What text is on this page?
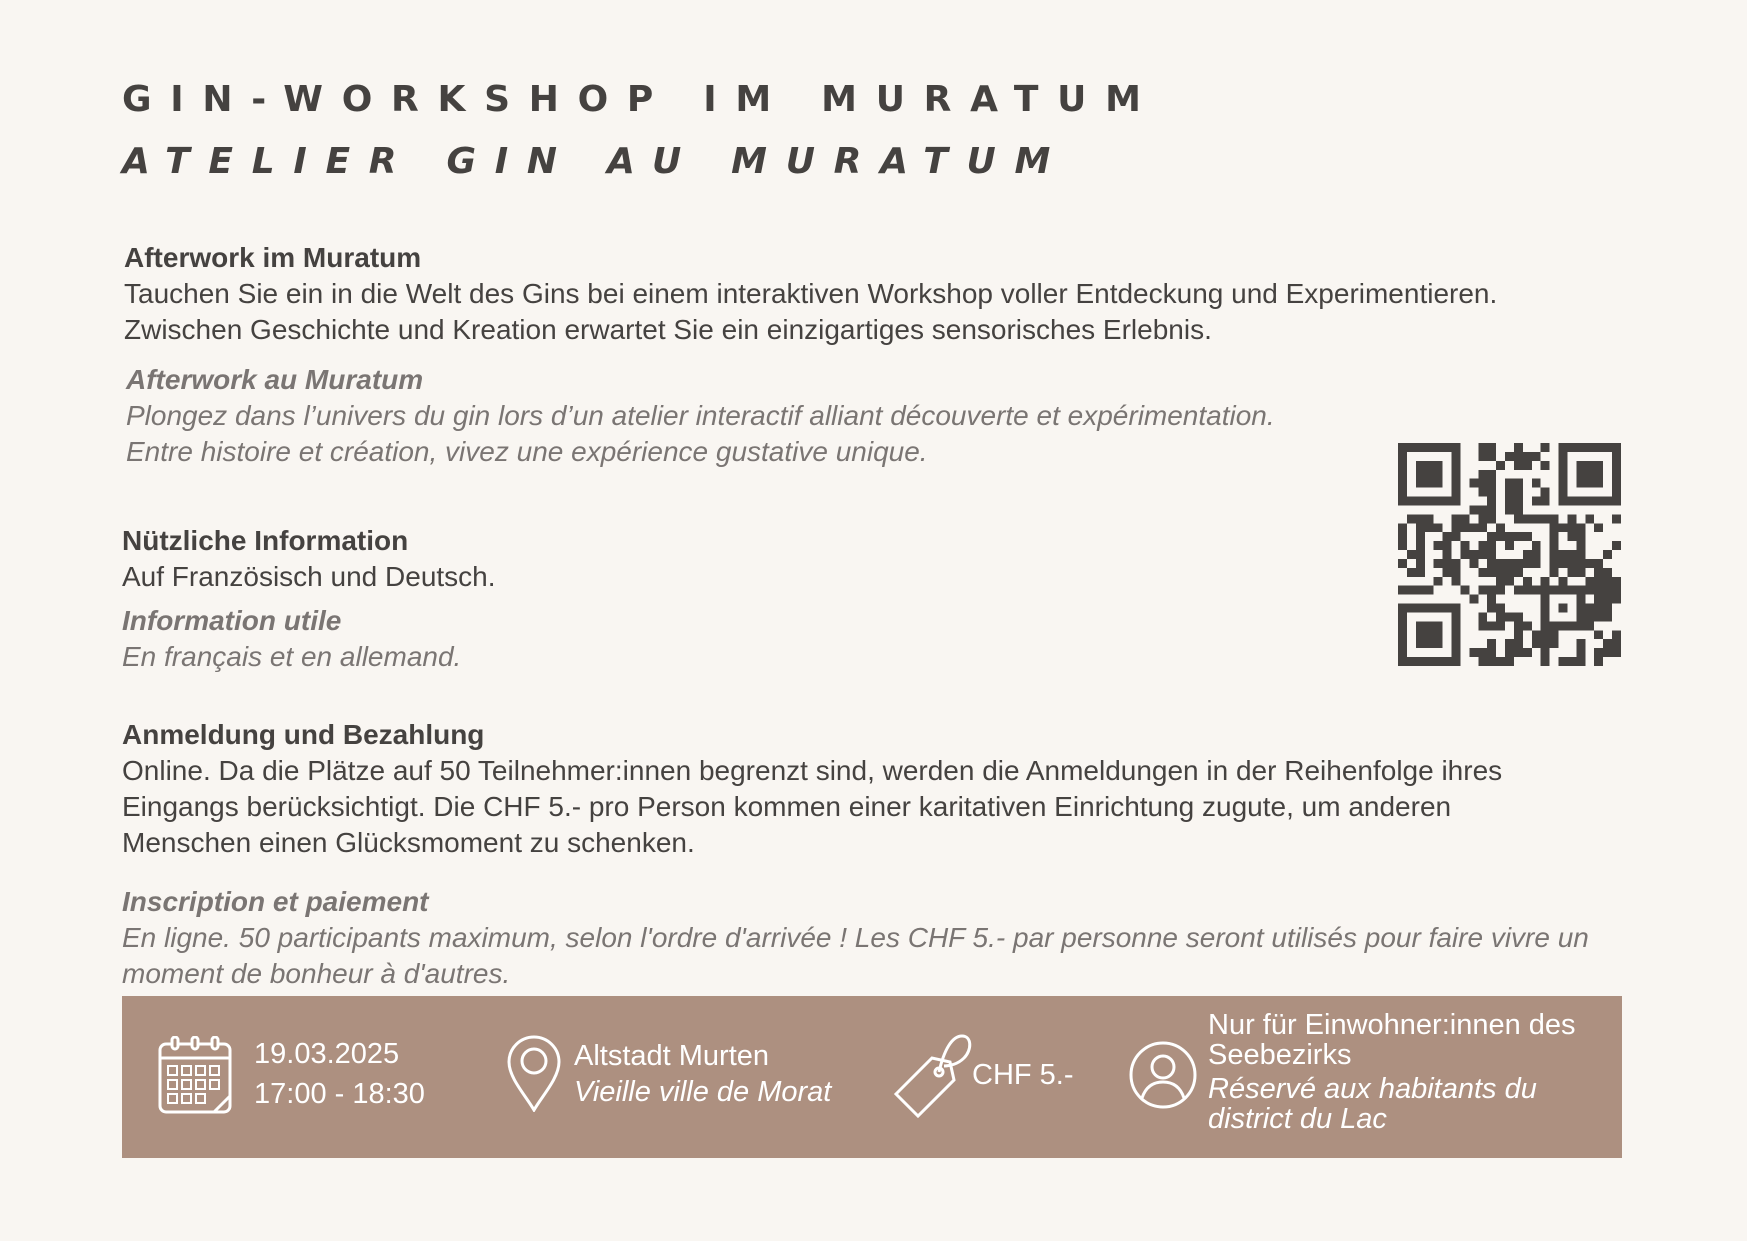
GIN-WORKSHOP IM MURATUM
ATELIER GIN AU MURATUM

Afterwork im Muratum

Tauchen Sie ein in die Welt des Gins bei einem interaktiven Workshop voller Entdeckung und Experimentieren.

Zwischen Geschichte und Kreation erwartet Sie ein einzigartiges sensorisches Erlebnis.

Afterwork au Muratum

Plongez dans l’univers du gin lors d’un atelier interactif alliant découverte et expérimentation.

Entre histoire et création, vivez une expérience gustative unique.

Nützliche Information

Auf Französisch und Deutsch.

Information utile

En français et en allemand.

Anmeldung und Bezahlung

Online. Da die Plätze auf 50 Teilnehmer:innen begrenzt sind, werden die Anmeldungen in der Reihenfolge ihres

Eingangs berücksichtigt. Die CHF 5.- pro Person kommen einer karitativen Einrichtung zugute, um anderen

Menschen einen Glücksmoment zu schenken.

Inscription et paiement

En ligne. 50 participants maximum, selon l'ordre d'arrivée ! Les CHF 5.- par personne seront utilisés pour faire vivre un

moment de bonheur à d'autres.

19.03.2025
17:00 - 18:30
Altstadt Murten
Vieille ville de Morat
CHF 5.-
Nur für Einwohner:innen des
Seebezirks
Réservé aux habitants du
district du Lac
